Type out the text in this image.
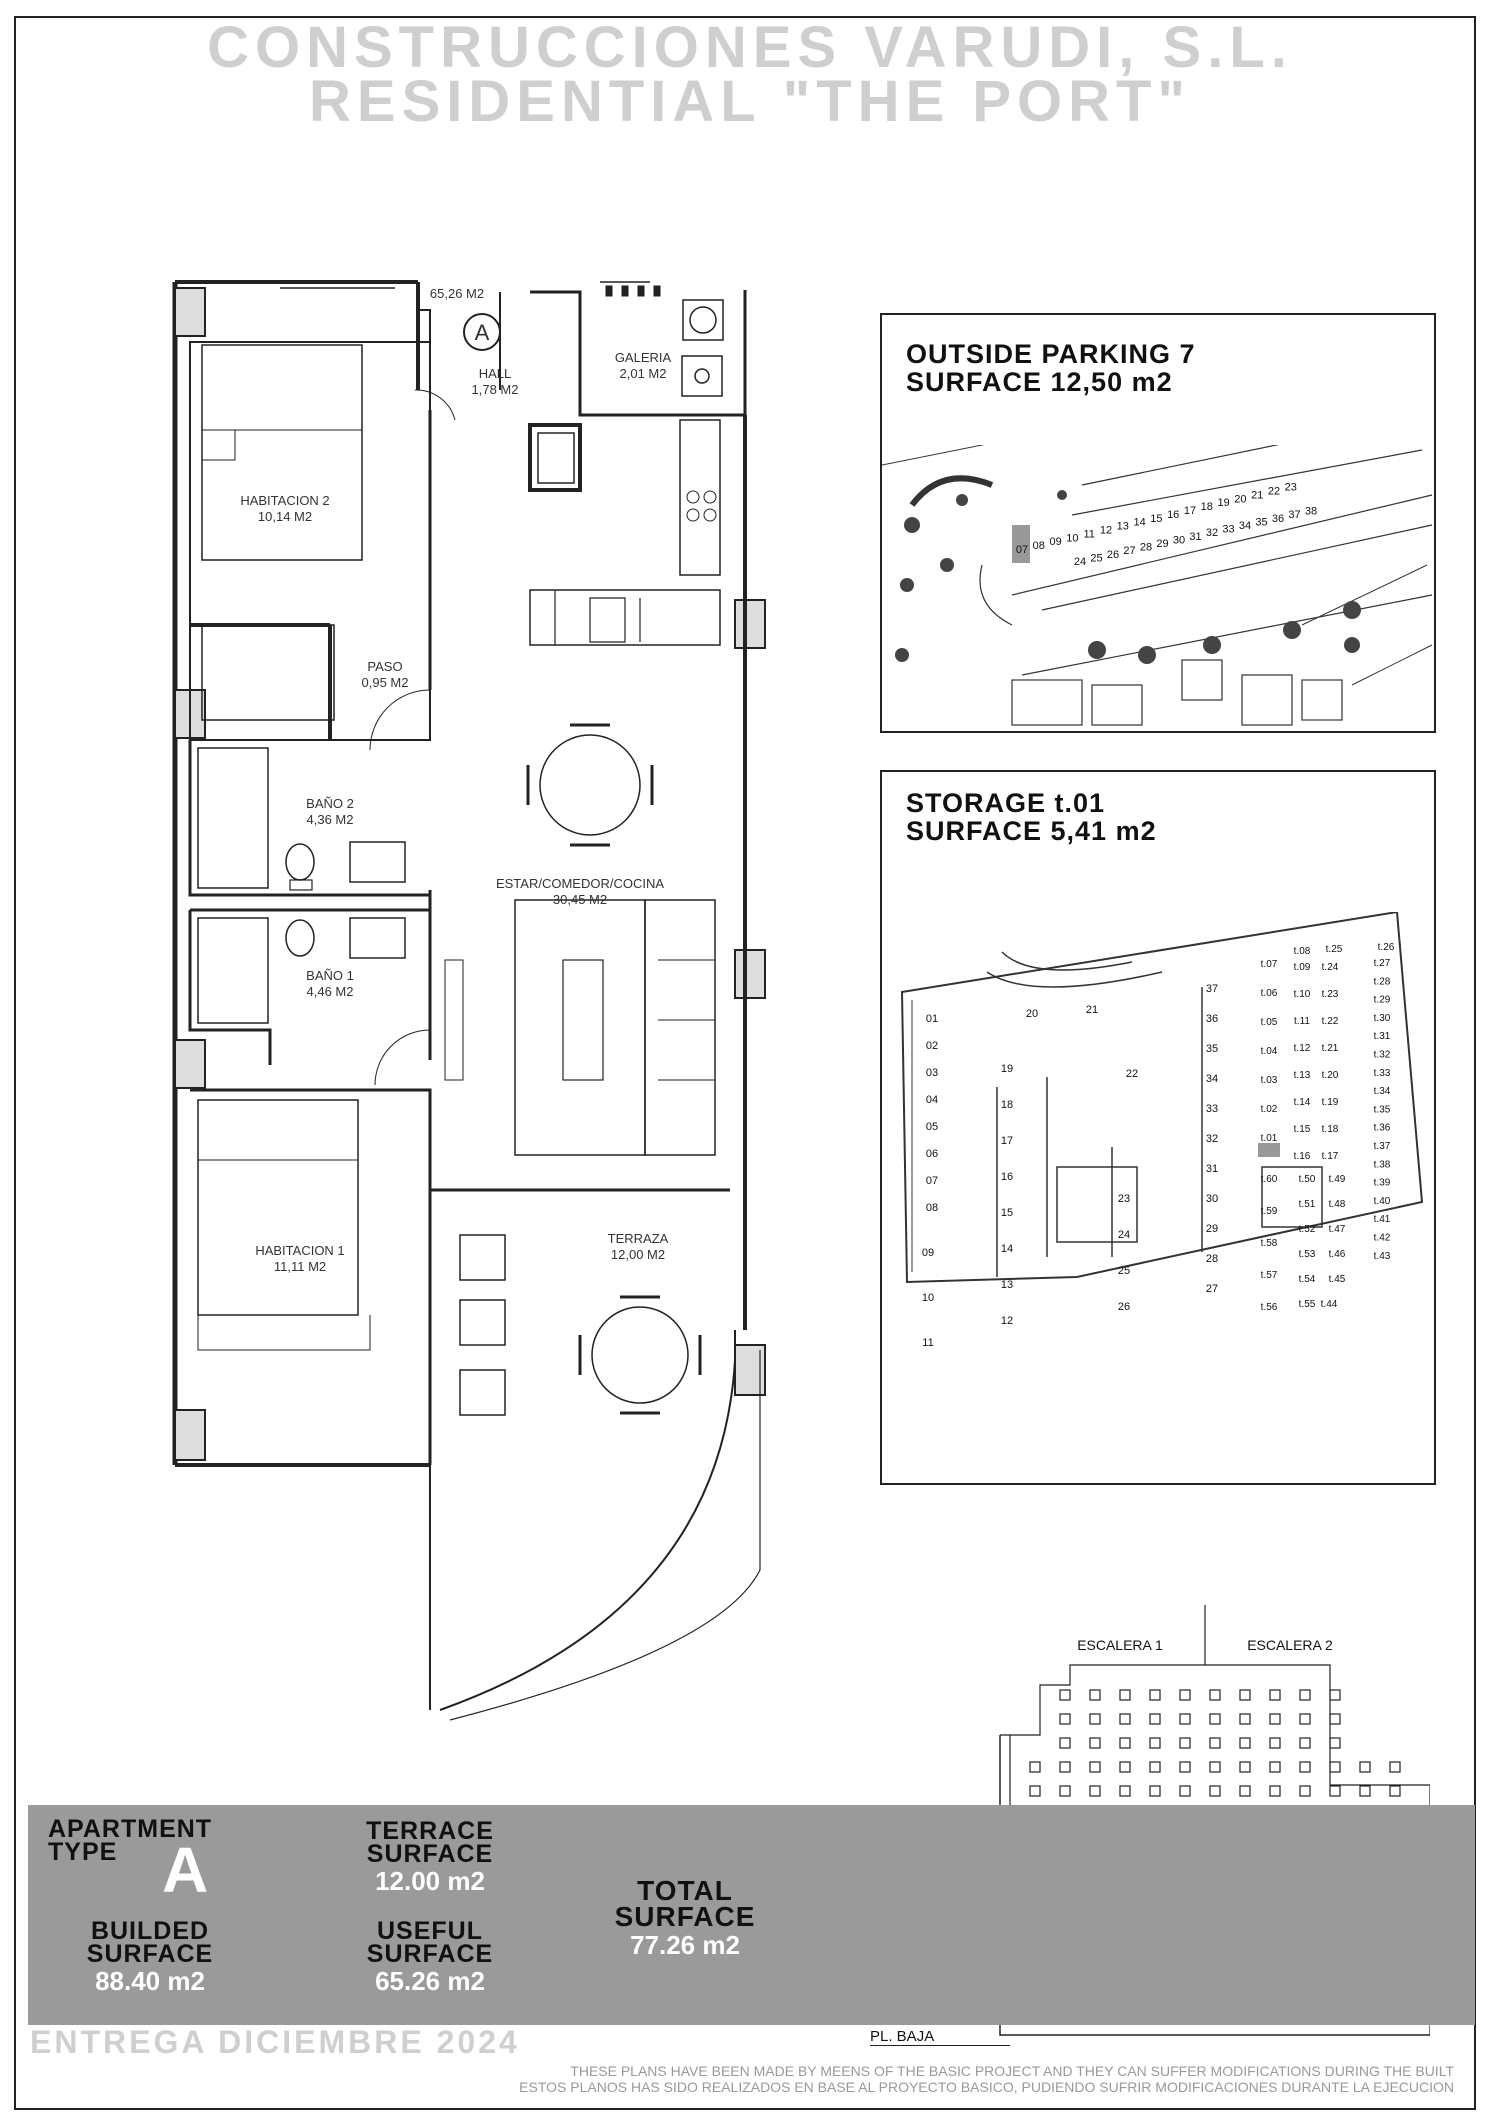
CONSTRUCCIONES VARUDI, S.L.
RESIDENTIAL "THE PORT"
A
65,26 M2
HALL
1,78 M2
GALERIA
2,01 M2
HABITACION 2
10,14 M2
PASO
0,95 M2
BAÑO 2
4,36 M2
ESTAR/COMEDOR/COCINA
30,45 M2
BAÑO 1
4,46 M2
HABITACION 1
11,11 M2
TERRAZA
12,00 M2
OUTSIDE PARKING 7
SURFACE 12,50 m2
24 25 26 27 28 29 30 31 32 33 34 35 36 37 38
07 08 09 10 11 12 13 14 15 16 17 18 19 20 21 22 23
STORAGE t.01
SURFACE 5,41 m2
01
02
03
04
05
06
07
08
09
10
11
20	21
19
18
17
16
15
14
13
12
22
23
24
25
26
37
36
35
34
33
32
31
30
29
28
27
t.07
t.06
t.05
t.04
t.03
t.02
t.01
t.09
t.10
t.11
t.12
t.13
t.14
t.15
t.16
t.24
t.23
t.22
t.21
t.20
t.19
t.18
t.17
t.27
t.28
t.29
t.30
t.31
t.32
t.33
t.34
t.35
t.36
t.37
t.38
t.39
t.40
t.41
t.42
t.43
t.08 t.25	t.26
t.60
t.59
t.58
t.57
t.56
t.50
t.51
t.52
t.53
t.54
t.55
t.49
t.48
t.47
t.46
t.45
t.44
ESCALERA 1	ESCALERA 2
APARTMENT
TYPE A
TERRACE
SURFACE
12.00 m2
BUILDED
SURFACE
88.40 m2
USEFUL
SURFACE
65.26 m2
TOTAL
SURFACE
77.26 m2
PL. BAJA
ENTREGA DICIEMBRE 2024
THESE PLANS HAVE BEEN MADE BY MEENS OF THE BASIC PROJECT AND THEY CAN SUFFER MODIFICATIONS DURING THE BUILT
ESTOS PLANOS HAS SIDO REALIZADOS EN BASE AL PROYECTO BASICO, PUDIENDO SUFRIR MODIFICACIONES DURANTE LA EJECUCION
